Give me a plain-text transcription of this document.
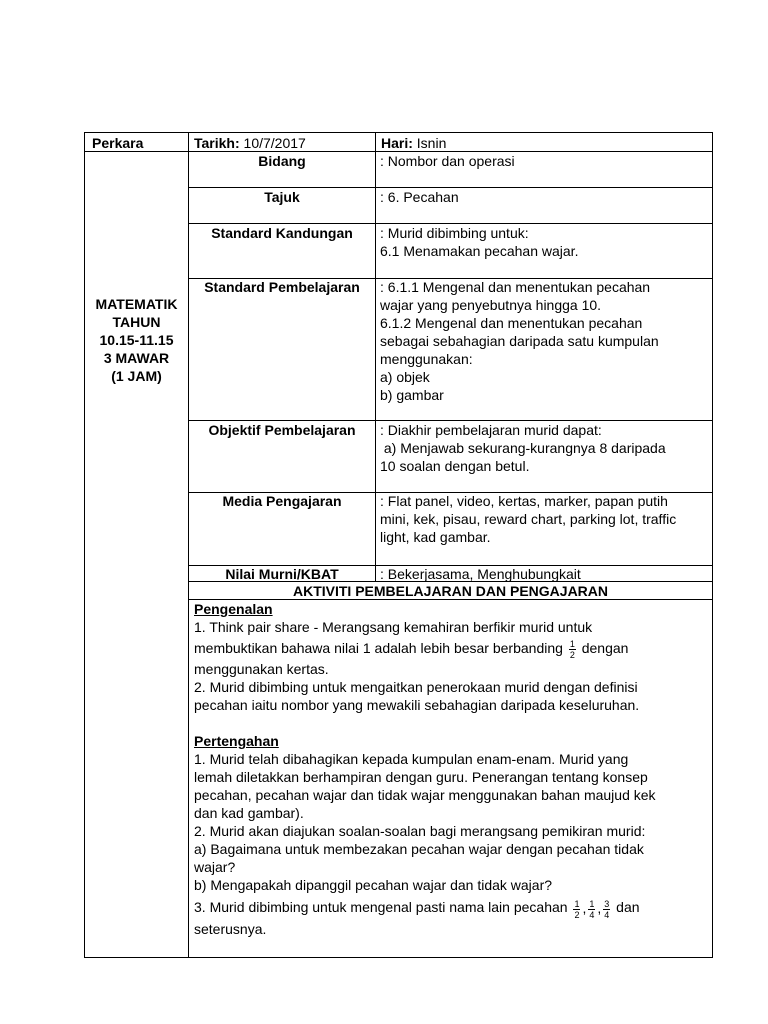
Perkara	Tarikh: 10/7/2017	Hari: Isnin
MATEMATIK
TAHUN
10.15-11.15
3 MAWAR
(1 JAM)
Bidang	: Nombor dan operasi
Tajuk	: 6. Pecahan
Standard Kandungan	: Murid dibimbing untuk:
6.1 Menamakan pecahan wajar.
Standard Pembelajaran	: 6.1.1 Mengenal dan menentukan pecahan
wajar yang penyebutnya hingga 10.
6.1.2 Mengenal dan menentukan pecahan
sebagai sebahagian daripada satu kumpulan
menggunakan:
a) objek
b) gambar
Objektif Pembelajaran	: Diakhir pembelajaran murid dapat:
a) Menjawab sekurang-kurangnya 8 daripada
10 soalan dengan betul.
Media Pengajaran	: Flat panel, video, kertas, marker, papan putih
mini, kek, pisau, reward chart, parking lot, traffic
light, kad gambar.
Nilai Murni/KBAT	: Bekerjasama, Menghubungkait
AKTIVITI PEMBELAJARAN DAN PENGAJARAN
Pengenalan
1. Think pair share - Merangsang kemahiran berfikir murid untuk
membuktikan bahawa nilai 1 adalah lebih besar berbanding $\frac{1}{2}$ dengan
menggunakan kertas.
2. Murid dibimbing untuk mengaitkan penerokaan murid dengan definisi
pecahan iaitu nombor yang mewakili sebahagian daripada keseluruhan.
Pertengahan
1. Murid telah dibahagikan kepada kumpulan enam-enam. Murid yang
lemah diletakkan berhampiran dengan guru. Penerangan tentang konsep
pecahan, pecahan wajar dan tidak wajar menggunakan bahan maujud kek
dan kad gambar).
2. Murid akan diajukan soalan-soalan bagi merangsang pemikiran murid:
a) Bagaimana untuk membezakan pecahan wajar dengan pecahan tidak
wajar?
b) Mengapakah dipanggil pecahan wajar dan tidak wajar?
3. Murid dibimbing untuk mengenal pasti nama lain pecahan $\frac{1}{2}$ , $\frac{1}{4}$ , $\frac{3}{4}$ dan
seterusnya.
